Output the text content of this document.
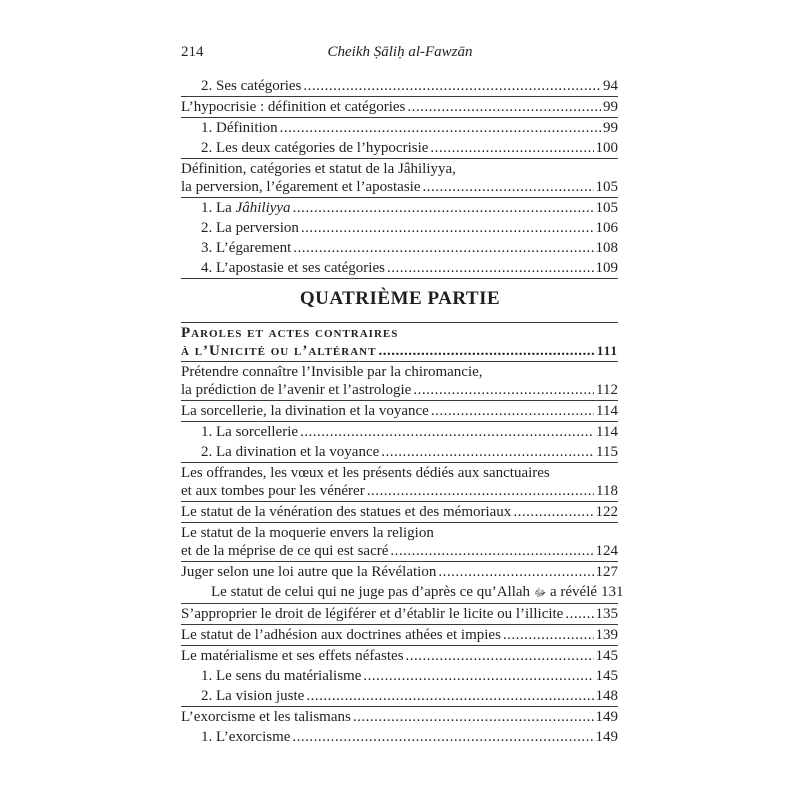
214	Cheikh Ṣāliḥ al-Fawzān
2. Ses catégories .....	94
L’hypocrisie : définition et catégories .....	99
1. Définition .....	99
2. Les deux catégories de l’hypocrisie .....	100
Définition, catégories et statut de la Jâhiliyya,
la perversion, l’égarement et l’apostasie .....	105
1. La Jâhiliyya .....	105
2. La perversion .....	106
3. L’égarement .....	108
4. L’apostasie et ses catégories .....	109
QUATRIÈME PARTIE
Paroles et actes contraires
à l’Unicité ou l’altérant .....	111
Prétendre connaître l’Invisible par la chiromancie,
la prédiction de l’avenir et l’astrologie .....	112
La sorcellerie, la divination et la voyance .....	114
1. La sorcellerie .....	114
2. La divination et la voyance .....	115
Les offrandes, les vœux et les présents dédiés aux sanctuaires
et aux tombes pour les vénérer .....	118
Le statut de la vénération des statues et des mémoriaux .....	122
Le statut de la moquerie envers la religion
et de la méprise de ce qui est sacré .....	124
Juger selon une loi autre que la Révélation .....	127
Le statut de celui qui ne juge pas d’après ce qu’Allah ﷻ a révélé 131
S’approprier le droit de légiférer et d’établir le licite ou l’illicite ..... 135
Le statut de l’adhésion aux doctrines athées et impies .....	139
Le matérialisme et ses effets néfastes .....	145
1. Le sens du matérialisme .....	145
2. La vision juste .....	148
L’exorcisme et les talismans .....	149
1. L’exorcisme .....	149
